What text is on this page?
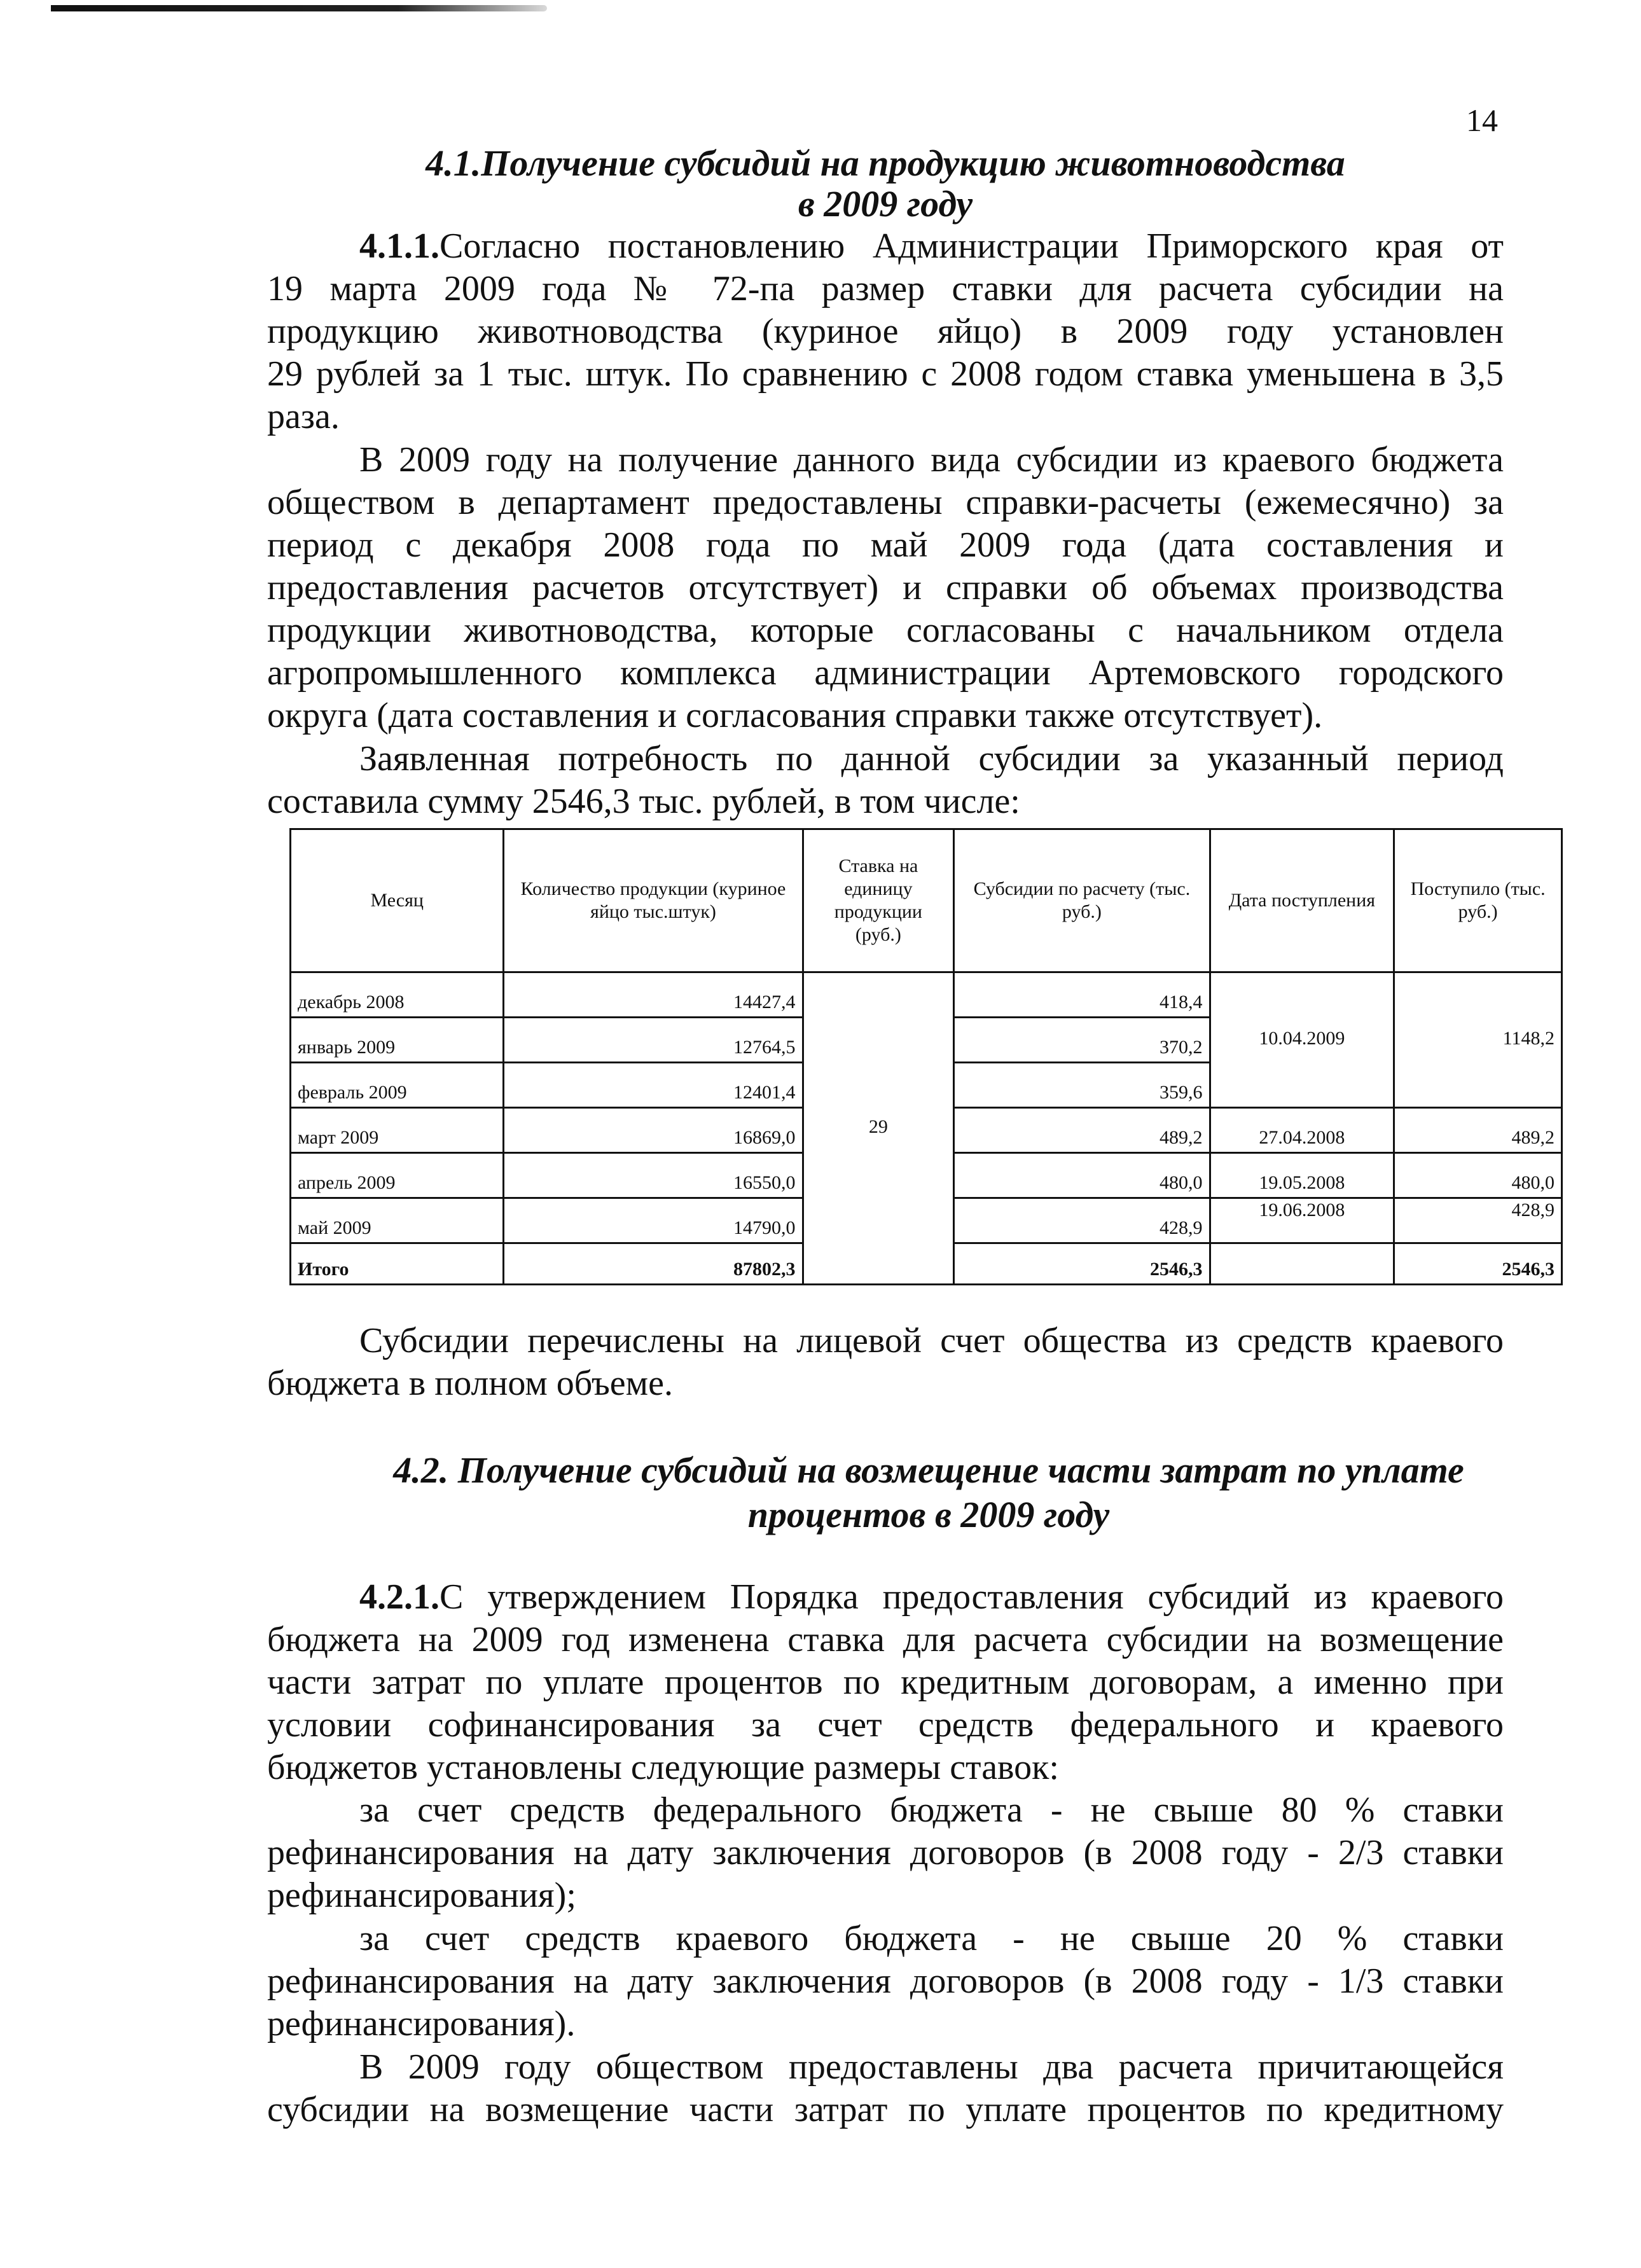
14
4.1.Получение субсидий на продукцию животноводства
в 2009 году
4.1.1.Согласно постановлению Администрации Приморского края от
19 марта 2009 года № 72-па размер ставки для расчета субсидии на
продукцию животноводства (куриное яйцо) в 2009 году установлен
29 рублей за 1 тыс. штук. По сравнению с 2008 годом ставка уменьшена в 3,5
раза.
В 2009 году на получение данного вида субсидии из краевого бюджета
обществом в департамент предоставлены справки-расчеты (ежемесячно) за
период с декабря 2008 года по май 2009 года (дата составления и
предоставления расчетов отсутствует) и справки об объемах производства
продукции животноводства, которые согласованы с начальником отдела
агропромышленного комплекса администрации Артемовского городского
округа (дата составления и согласования справки также отсутствует).
Заявленная потребность по данной субсидии за указанный период
составила сумму 2546,3 тыс. рублей, в том числе:
Месяц	Количество продукции (куриное яйцо тыс.штук)	Ставка на единицу продукции (руб.)	Субсидии по расчету (тыс. руб.)	Дата поступления	Поступило (тыс. руб.)
декабрь 2008	14427,4	29	418,4	10.04.2009	1148,2
январь 2009	12764,5		370,2		
февраль 2009	12401,4		359,6		
март 2009	16869,0		489,2	27.04.2008	489,2
апрель 2009	16550,0		480,0	19.05.2008	480,0
май 2009	14790,0		428,9	19.06.2008	428,9
Итого	87802,3		2546,3		2546,3
Субсидии перечислены на лицевой счет общества из средств краевого
бюджета в полном объеме.
4.2. Получение субсидий на возмещение части затрат по уплате
процентов в 2009 году
4.2.1.С утверждением Порядка предоставления субсидий из краевого
бюджета на 2009 год изменена ставка для расчета субсидии на возмещение
части затрат по уплате процентов по кредитным договорам, а именно при
условии софинансирования за счет средств федерального и краевого
бюджетов установлены следующие размеры ставок:
за счет средств федерального бюджета - не свыше 80 % ставки
рефинансирования на дату заключения договоров (в 2008 году - 2/3 ставки
рефинансирования);
за счет средств краевого бюджета - не свыше 20 % ставки
рефинансирования на дату заключения договоров (в 2008 году - 1/3 ставки
рефинансирования).
В 2009 году обществом предоставлены два расчета причитающейся
субсидии на возмещение части затрат по уплате процентов по кредитному
